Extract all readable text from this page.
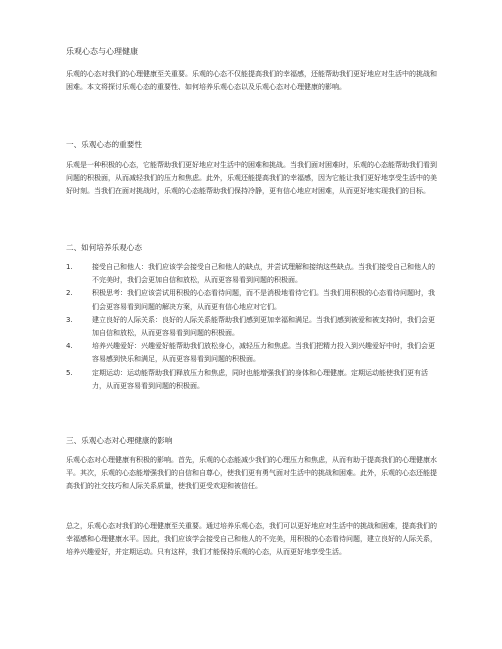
乐观心态与心理健康
乐观的心态对我们的心理健康至关重要。乐观的心态不仅能提高我们的幸福感，还能帮助我们更好地应对生活中的挑战和困难。本文将探讨乐观心态的重要性、如何培养乐观心态以及乐观心态对心理健康的影响。
一、乐观心态的重要性
乐观是一种积极的心态，它能帮助我们更好地应对生活中的困难和挑战。当我们面对困难时，乐观的心态能帮助我们看到问题的积极面，从而减轻我们的压力和焦虑。此外，乐观还能提高我们的幸福感，因为它能让我们更好地享受生活中的美好时刻。当我们在面对挑战时，乐观的心态能帮助我们保持冷静，更有信心地应对困难，从而更好地实现我们的目标。
二、如何培养乐观心态
1.	接受自己和他人：我们应该学会接受自己和他人的缺点，并尝试理解和接纳这些缺点。当我们接受自己和他人的不完美时，我们会更加自信和放松，从而更容易看到问题的积极面。
2.	积极思考：我们应该尝试用积极的心态看待问题，而不是消极地看待它们。当我们用积极的心态看待问题时，我们会更容易看到问题的解决方案，从而更有信心地应对它们。
3.	建立良好的人际关系：良好的人际关系能帮助我们感到更加幸福和满足。当我们感到被爱和被支持时，我们会更加自信和放松，从而更容易看到问题的积极面。
4.	培养兴趣爱好：兴趣爱好能帮助我们放松身心，减轻压力和焦虑。当我们把精力投入到兴趣爱好中时，我们会更容易感到快乐和满足，从而更容易看到问题的积极面。
5.	定期运动：运动能帮助我们释放压力和焦虑，同时也能增强我们的身体和心理健康。定期运动能使我们更有活力，从而更容易看到问题的积极面。
三、乐观心态对心理健康的影响
乐观心态对心理健康有积极的影响。首先，乐观的心态能减少我们的心理压力和焦虑，从而有助于提高我们的心理健康水平。其次，乐观的心态能增强我们的自信和自尊心，使我们更有勇气面对生活中的挑战和困难。此外，乐观的心态还能提高我们的社交技巧和人际关系质量，使我们更受欢迎和被信任。
总之，乐观心态对我们的心理健康至关重要。通过培养乐观心态，我们可以更好地应对生活中的挑战和困难，提高我们的幸福感和心理健康水平。因此，我们应该学会接受自己和他人的不完美，用积极的心态看待问题，建立良好的人际关系，培养兴趣爱好，并定期运动。只有这样，我们才能保持乐观的心态，从而更好地享受生活。
